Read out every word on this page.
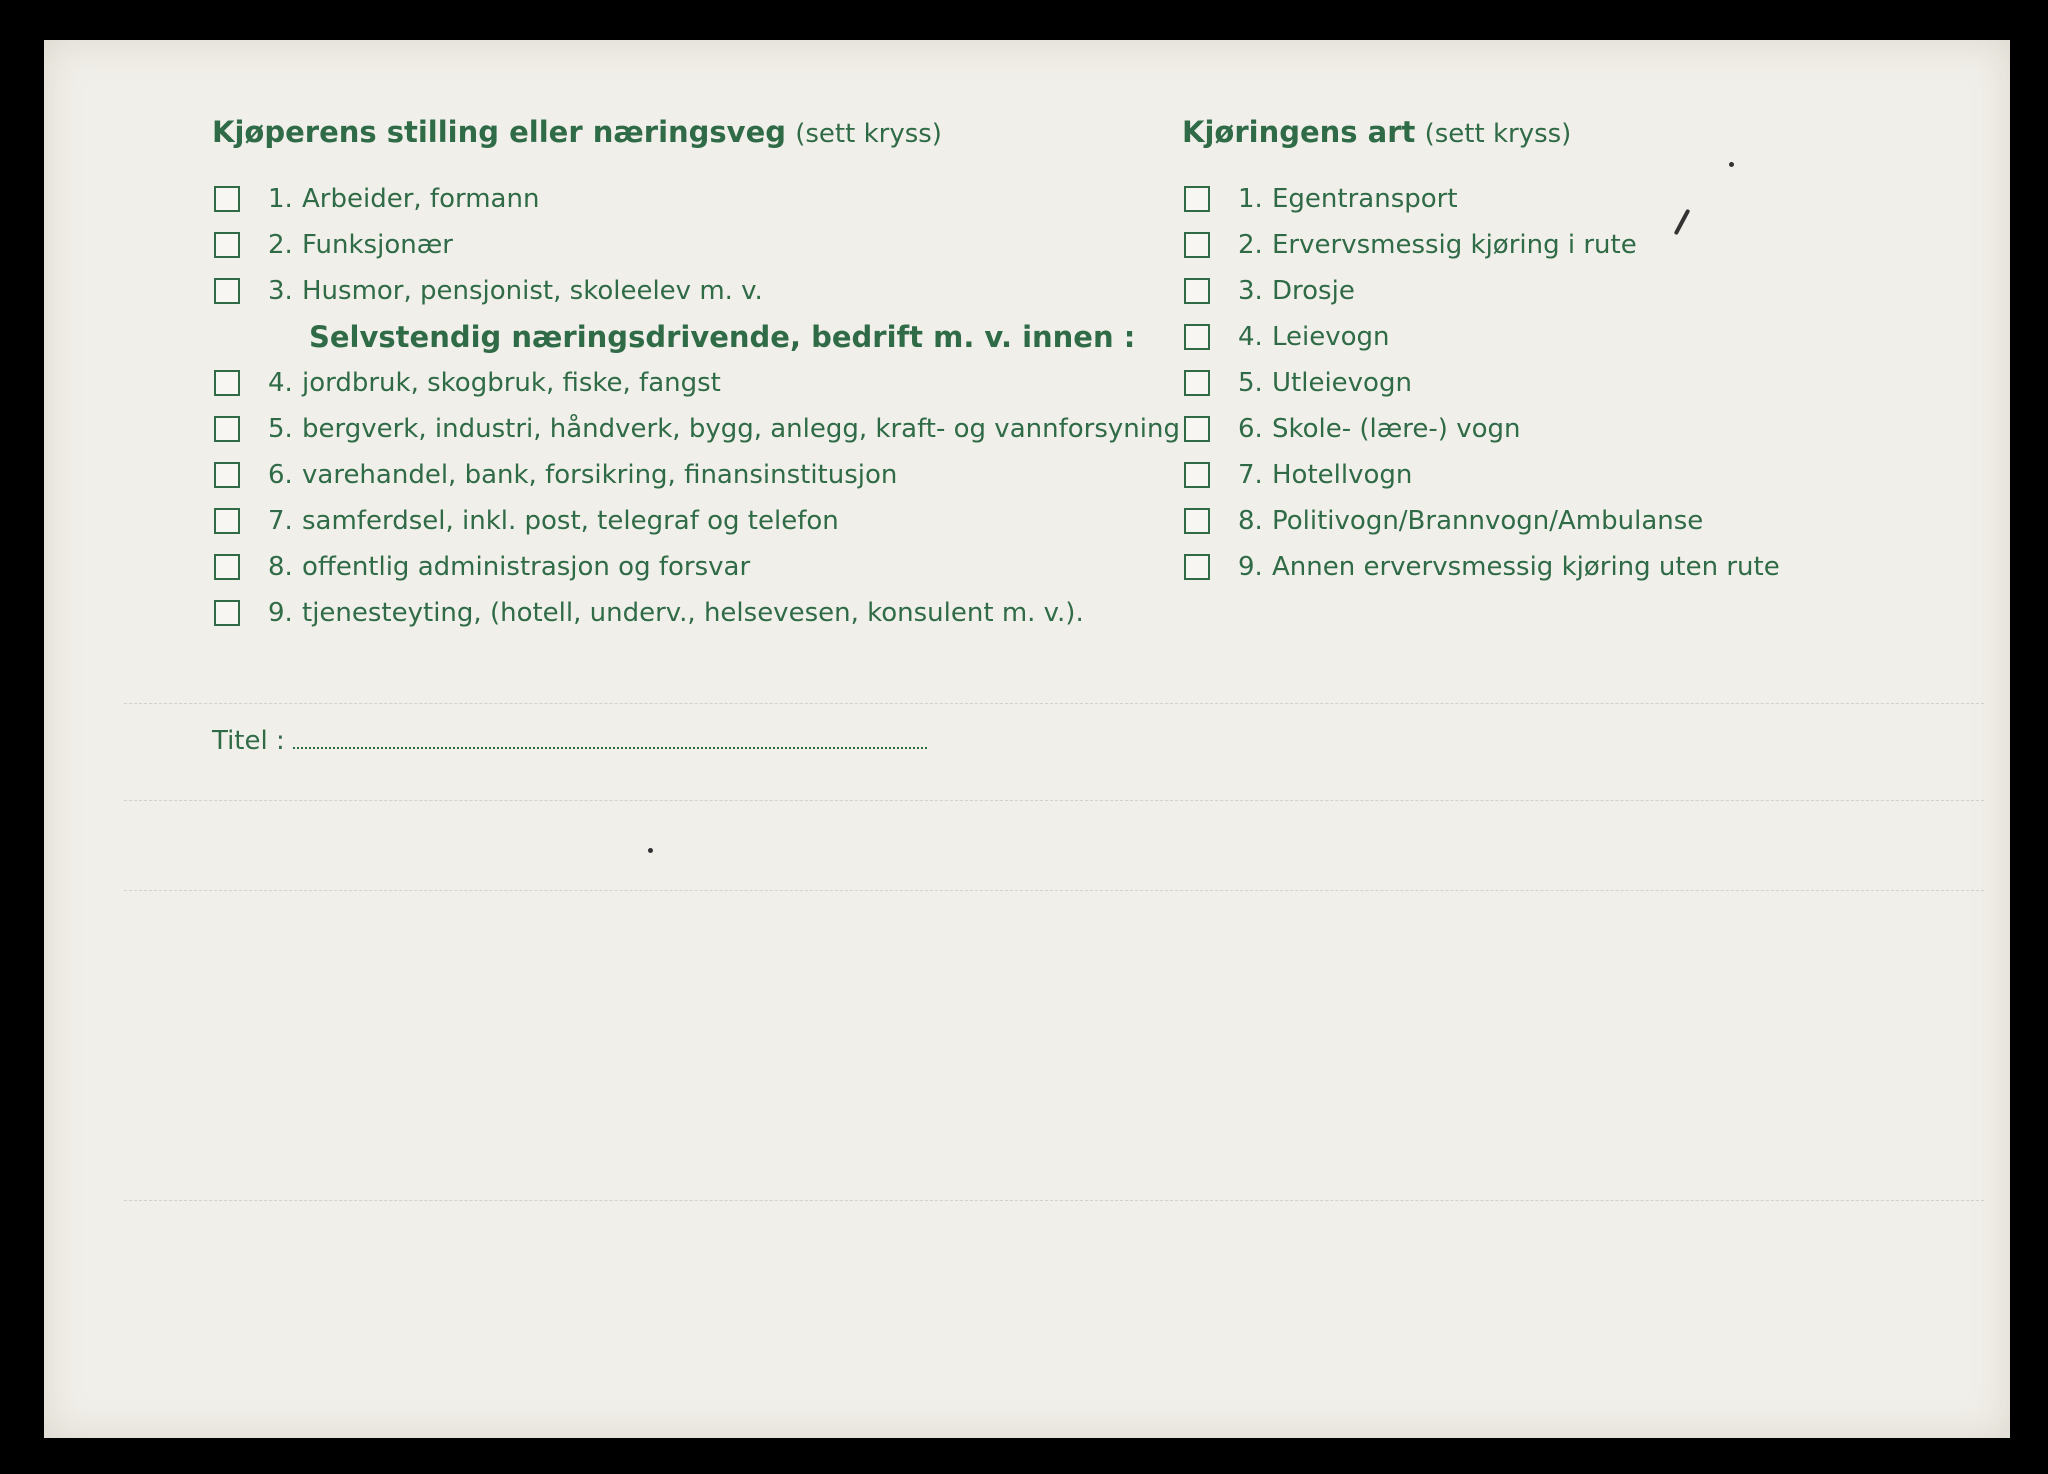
Kjøperens stilling eller næringsveg (sett kryss)
1. Arbeider, formann
2. Funksjonær
3. Husmor, pensjonist, skoleelev m. v.
Selvstendig næringsdrivende, bedrift m. v. innen :
4. jordbruk, skogbruk, fiske, fangst
5. bergverk, industri, håndverk, bygg, anlegg, kraft- og vannforsyning
6. varehandel, bank, forsikring, finansinstitusjon
7. samferdsel, inkl. post, telegraf og telefon
8. offentlig administrasjon og forsvar
9. tjenesteyting, (hotell, underv., helsevesen, konsulent m. v.).
Titel :
Kjøringens art (sett kryss)
1. Egentransport
2. Ervervsmessig kjøring i rute
3. Drosje
4. Leievogn
5. Utleievogn
6. Skole- (lære-) vogn
7. Hotellvogn
8. Politivogn/Brannvogn/Ambulanse
9. Annen ervervsmessig kjøring uten rute
